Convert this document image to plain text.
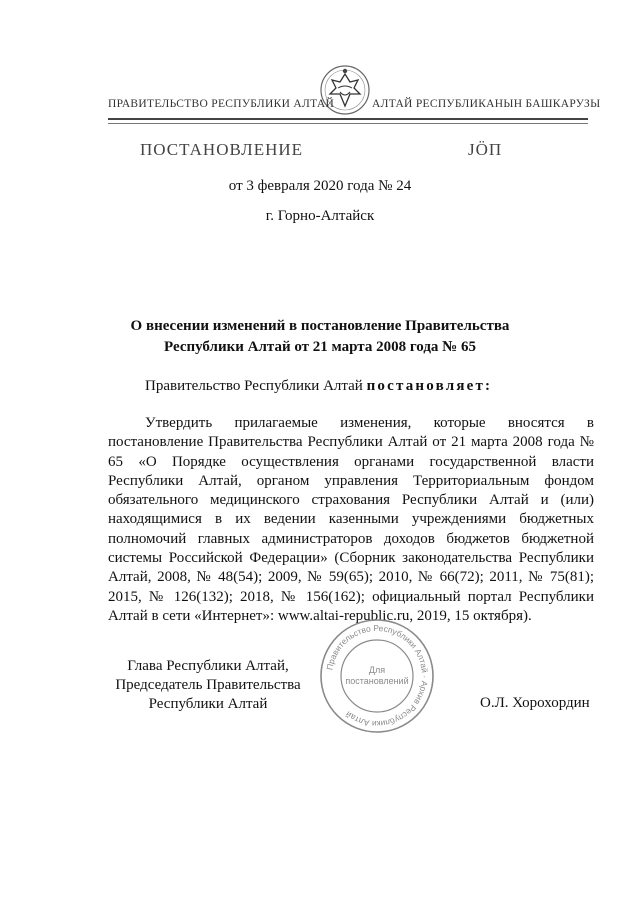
ПРАВИТЕЛЬСТВО РЕСПУБЛИКИ АЛТАЙ	АЛТАЙ РЕСПУБЛИКАНЫН БАШКАРУЗЫ
ПОСТАНОВЛЕНИЕ	ЈӦП
от 3 февраля 2020 года № 24
г. Горно-Алтайск
О внесении изменений в постановление Правительства
Республики Алтай от 21 марта 2008 года № 65
Правительство Республики Алтай постановляет:
Утвердить прилагаемые изменения, которые вносятся в постановление Правительства Республики Алтай от 21 марта 2008 года № 65 «О Порядке осуществления органами государственной власти Республики Алтай, органом управления Территориальным фондом обязательного медицинского страхования Республики Алтай и (или) находящимися в их ведении казенными учреждениями бюджетных полномочий главных администраторов доходов бюджетов бюджетной системы Российской Федерации» (Сборник законодательства Республики Алтай, 2008, № 48(54); 2009, № 59(65); 2010, № 66(72); 2011, № 75(81); 2015, № 126(132); 2018, № 156(162); официальный портал Республики Алтай в сети «Интернет»: www.altai-republic.ru, 2019, 15 октября).
Правительство Республики Алтай · Архив Республики Алтай
Для
постановлений
Глава Республики Алтай,
Председатель Правительства
Республики Алтай	О.Л. Хорохордин
